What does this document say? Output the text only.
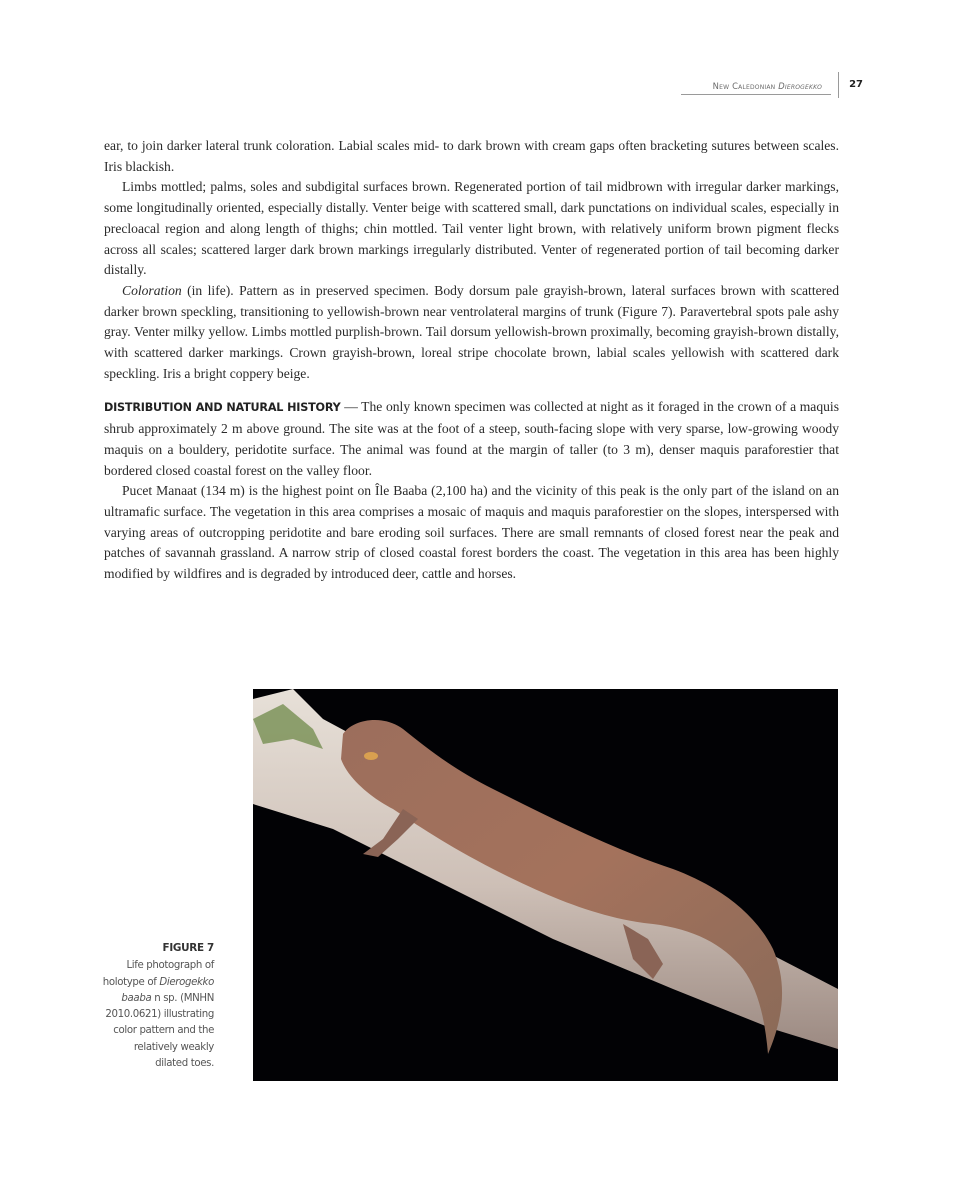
New Caledonian Dierogekko	27

ear, to join darker lateral trunk coloration. Labial scales mid- to dark brown with cream gaps often bracketing sutures between scales. Iris blackish.

Limbs mottled; palms, soles and subdigital surfaces brown. Regenerated portion of tail midbrown with irregular darker markings, some longitudinally oriented, especially distally. Venter beige with scattered small, dark punctations on individual scales, especially in precloacal region and along length of thighs; chin mottled. Tail venter light brown, with relatively uniform brown pigment flecks across all scales; scattered larger dark brown markings irregularly distributed. Venter of regenerated portion of tail becoming darker distally.

Coloration (in life). Pattern as in preserved specimen. Body dorsum pale grayish-brown, lateral surfaces brown with scattered darker brown speckling, transitioning to yellowish-brown near ventrolateral margins of trunk (Figure 7). Paravertebral spots pale ashy gray. Venter milky yellow. Limbs mottled purplish-brown. Tail dorsum yellowish-brown proximally, becoming grayish-brown distally, with scattered darker markings. Crown grayish-brown, loreal stripe chocolate brown, labial scales yellowish with scattered dark speckling. Iris a bright coppery beige.

DISTRIBUTION AND NATURAL HISTORY — The only known specimen was collected at night as it foraged in the crown of a maquis shrub approximately 2 m above ground. The site was at the foot of a steep, south-facing slope with very sparse, low-growing woody maquis on a bouldery, peridotite surface. The animal was found at the margin of taller (to 3 m), denser maquis paraforestier that bordered closed coastal forest on the valley floor.

Pucet Manaat (134 m) is the highest point on Île Baaba (2,100 ha) and the vicinity of this peak is the only part of the island on an ultramafic surface. The vegetation in this area comprises a mosaic of maquis and maquis paraforestier on the slopes, interspersed with varying areas of outcropping peridotite and bare eroding soil surfaces. There are small remnants of closed forest near the peak and patches of savannah grassland. A narrow strip of closed coastal forest borders the coast. The vegetation in this area has been highly modified by wildfires and is degraded by introduced deer, cattle and horses.

FIGURE 7
Life photograph of holotype of Dierogekko baaba n sp. (MNHN 2010.0621) illustrating color pattern and the relatively weakly dilated toes.
